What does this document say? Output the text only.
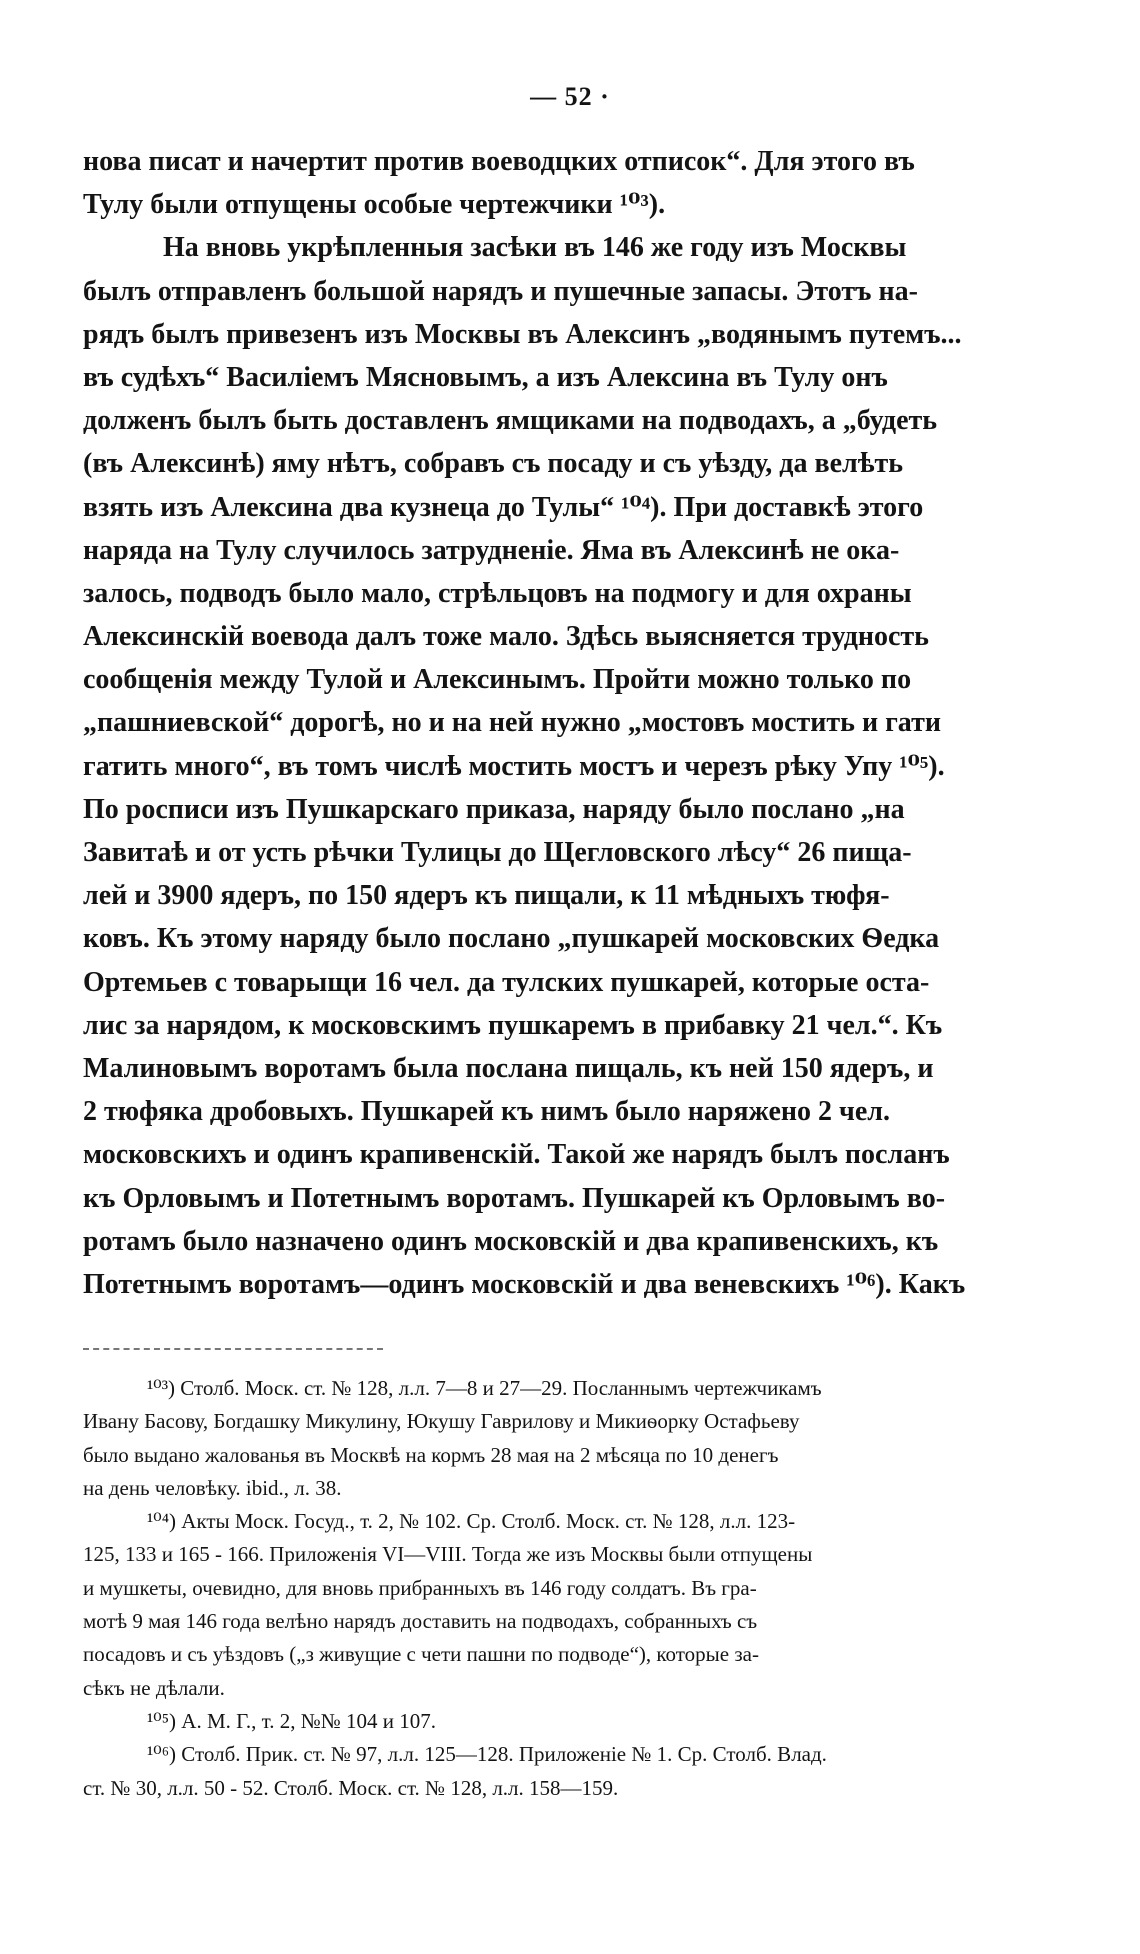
— 52 ·
нова писат и начертит против воеводцких отписок“. Для этого въ
Тулу были отпущены особые чертежчики ¹⁰³).
На вновь укрѣпленныя засѣки въ 146 же году изъ Москвы
былъ отправленъ большой нарядъ и пушечные запасы. Этотъ на-
рядъ былъ привезенъ изъ Москвы въ Алексинъ „водянымъ путемъ...
въ судѣхъ“ Василіемъ Мясновымъ, а изъ Алексина въ Тулу онъ
долженъ былъ быть доставленъ ямщиками на подводахъ, а „будеть
(въ Алексинѣ) яму нѣтъ, собравъ съ посаду и съ уѣзду, да велѣть
взять изъ Алексина два кузнеца до Тулы“ ¹⁰⁴). При доставкѣ этого
наряда на Тулу случилось затрудненіе. Яма въ Алексинѣ не ока-
залось, подводъ было мало, стрѣльцовъ на подмогу и для охраны
Алексинскій воевода далъ тоже мало. Здѣсь выясняется трудность
сообщенія между Тулой и Алексинымъ. Пройти можно только по
„пашниевской“ дорогѣ, но и на ней нужно „мостовъ мостить и гати
гатить много“, въ томъ числѣ мостить мостъ и черезъ рѣку Упу ¹⁰⁵).
По росписи изъ Пушкарскаго приказа, наряду было послано „на
Завитаѣ и от усть рѣчки Тулицы до Щегловского лѣсу“ 26 пища-
лей и 3900 ядеръ, по 150 ядеръ къ пищали, к 11 мѣдныхъ тюфя-
ковъ. Къ этому наряду было послано „пушкарей московских Ѳедка
Ортемьев с товарыщи 16 чел. да тулских пушкарей, которые оста-
лис за нарядом, к московскимъ пушкаремъ в прибавку 21 чел.“. Къ
Малиновымъ воротамъ была послана пищаль, къ ней 150 ядеръ, и
2 тюфяка дробовыхъ. Пушкарей къ нимъ было наряжено 2 чел.
московскихъ и одинъ крапивенскій. Такой же нарядъ былъ посланъ
къ Орловымъ и Потетнымъ воротамъ. Пушкарей къ Орловымъ во-
ротамъ было назначено одинъ московскій и два крапивенскихъ, къ
Потетнымъ воротамъ—одинъ московскій и два веневскихъ ¹⁰⁶). Какъ
¹⁰³) Столб. Моск. ст. № 128, л.л. 7—8 и 27—29. Посланнымъ чертежчикамъ
Ивану Басову, Богдашку Микулину, Юкушу Гаврилову и Микиѳорку Остафьеву
было выдано жалованья въ Москвѣ на кормъ 28 мая на 2 мѣсяца по 10 денегъ
на день человѣку. ibid., л. 38.
¹⁰⁴) Акты Моск. Госуд., т. 2, № 102. Ср. Столб. Моск. ст. № 128, л.л. 123-
125, 133 и 165 - 166. Приложенія VI—VIII. Тогда же изъ Москвы были отпущены
и мушкеты, очевидно, для вновь прибранныхъ въ 146 году солдатъ. Въ гра-
мотѣ 9 мая 146 года велѣно нарядъ доставить на подводахъ, собранныхъ съ
посадовъ и съ уѣздовъ („з живущие с чети пашни по подводе“), которые за-
сѣкъ не дѣлали.
¹⁰⁵) А. М. Г., т. 2, №№ 104 и 107.
¹⁰⁶) Столб. Прик. ст. № 97, л.л. 125—128. Приложеніе № 1. Ср. Столб. Влад.
ст. № 30, л.л. 50 - 52. Столб. Моск. ст. № 128, л.л. 158—159.
